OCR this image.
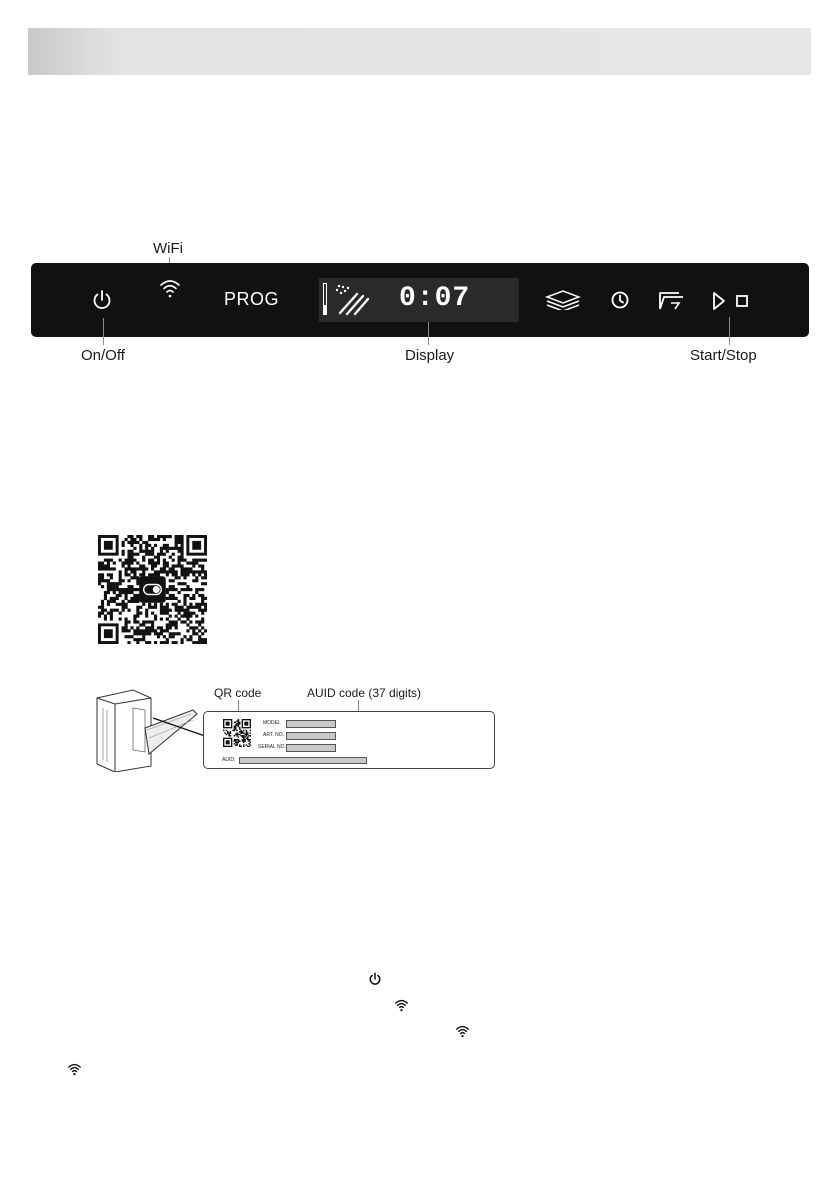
WiFi
PROG	0:07
On/Off	Display	Start/Stop
QR code	AUID code (37 digits)
MODEL
ART. NO.
SERIAL NO.
AUID:
